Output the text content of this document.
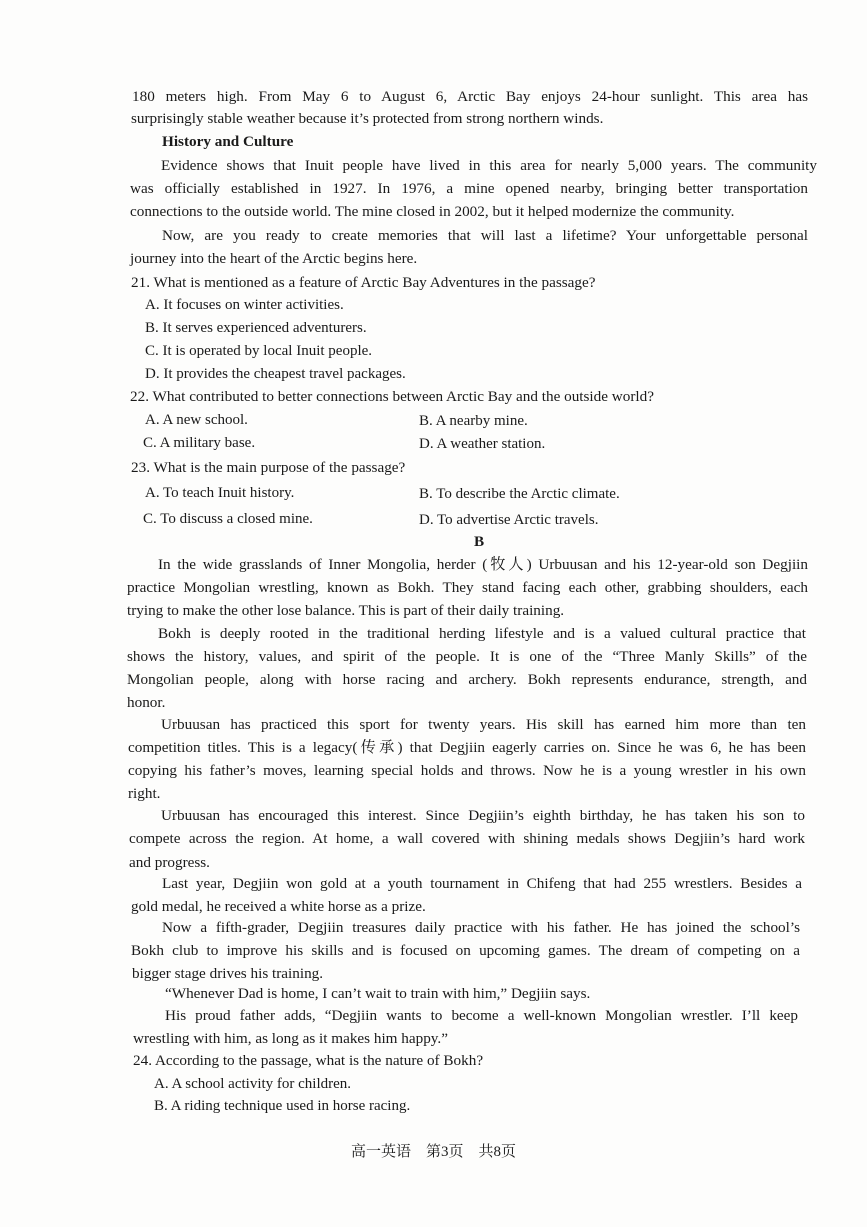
180 meters high. From May 6 to August 6, Arctic Bay enjoys 24-hour sunlight. This area has
surprisingly stable weather because it’s protected from strong northern winds.
History and Culture
Evidence shows that Inuit people have lived in this area for nearly 5,000 years. The community
was officially established in 1927. In 1976, a mine opened nearby, bringing better transportation
connections to the outside world. The mine closed in 2002, but it helped modernize the community.
Now, are you ready to create memories that will last a lifetime? Your unforgettable personal
journey into the heart of the Arctic begins here.
21. What is mentioned as a feature of Arctic Bay Adventures in the passage?
A. It focuses on winter activities.
B. It serves experienced adventurers.
C. It is operated by local Inuit people.
D. It provides the cheapest travel packages.
22. What contributed to better connections between Arctic Bay and the outside world?
A. A new school.	B. A nearby mine.
C. A military base.	D. A weather station.
23. What is the main purpose of the passage?
A. To teach Inuit history.	B. To describe the Arctic climate.
C. To discuss a closed mine.	D. To advertise Arctic travels.
B
In the wide grasslands of Inner Mongolia, herder (牧人) Urbuusan and his 12-year-old son Degjiin
practice Mongolian wrestling, known as Bokh. They stand facing each other, grabbing shoulders, each
trying to make the other lose balance. This is part of their daily training.
Bokh is deeply rooted in the traditional herding lifestyle and is a valued cultural practice that
shows the history, values, and spirit of the people. It is one of the “Three Manly Skills” of the
Mongolian people, along with horse racing and archery. Bokh represents endurance, strength, and
honor.
Urbuusan has practiced this sport for twenty years. His skill has earned him more than ten
competition titles. This is a legacy(传承) that Degjiin eagerly carries on. Since he was 6, he has been
copying his father’s moves, learning special holds and throws. Now he is a young wrestler in his own
right.
Urbuusan has encouraged this interest. Since Degjiin’s eighth birthday, he has taken his son to
compete across the region. At home, a wall covered with shining medals shows Degjiin’s hard work
and progress.
Last year, Degjiin won gold at a youth tournament in Chifeng that had 255 wrestlers. Besides a
gold medal, he received a white horse as a prize.
Now a fifth-grader, Degjiin treasures daily practice with his father. He has joined the school’s
Bokh club to improve his skills and is focused on upcoming games. The dream of competing on a
bigger stage drives his training.
“Whenever Dad is home, I can’t wait to train with him,” Degjiin says.
His proud father adds, “Degjiin wants to become a well-known Mongolian wrestler. I’ll keep
wrestling with him, as long as it makes him happy.”
24. According to the passage, what is the nature of Bokh?
A. A school activity for children.
B. A riding technique used in horse racing.
高一英语　第3页　共8页
